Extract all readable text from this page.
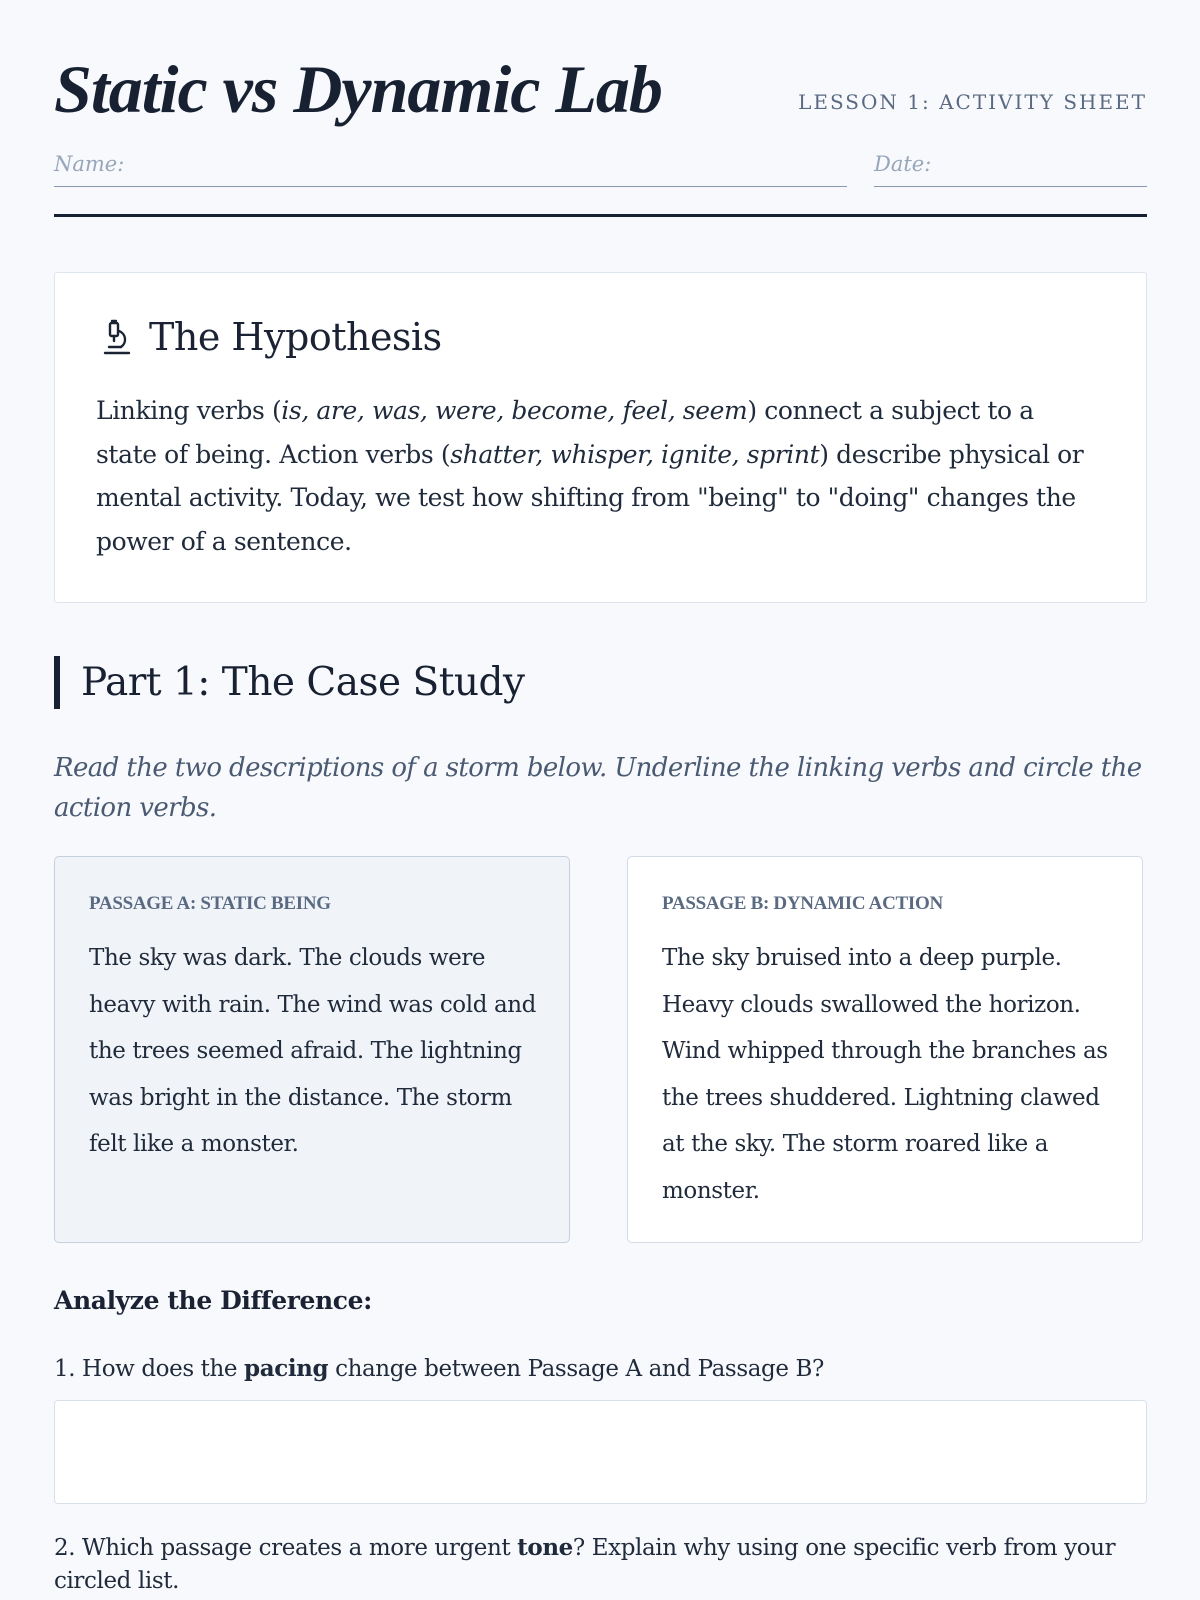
Static vs Dynamic Lab	LESSON 1: ACTIVITY SHEET
Name:	Date:
The Hypothesis
Linking verbs (is, are, was, were, become, feel, seem) connect a subject to a state of being. Action verbs (shatter, whisper, ignite, sprint) describe physical or mental activity. Today, we test how shifting from "being" to "doing" changes the power of a sentence.
Part 1: The Case Study
Read the two descriptions of a storm below. Underline the linking verbs and circle the action verbs.
PASSAGE A: STATIC BEING
The sky was dark. The clouds were heavy with rain. The wind was cold and the trees seemed afraid. The lightning was bright in the distance. The storm felt like a monster.
PASSAGE B: DYNAMIC ACTION
The sky bruised into a deep purple. Heavy clouds swallowed the horizon. Wind whipped through the branches as the trees shuddered. Lightning clawed at the sky. The storm roared like a monster.
Analyze the Difference:
1. How does the pacing change between Passage A and Passage B?
2. Which passage creates a more urgent tone? Explain why using one specific verb from your circled list.
